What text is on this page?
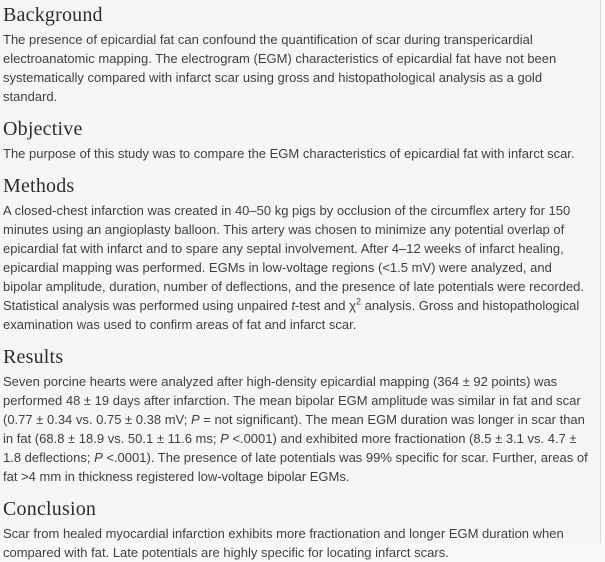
Background

The presence of epicardial fat can confound the quantification of scar during transpericardial electroanatomic mapping. The electrogram (EGM) characteristics of epicardial fat have not been systematically compared with infarct scar using gross and histopathological analysis as a gold standard.

Objective

The purpose of this study was to compare the EGM characteristics of epicardial fat with infarct scar.

Methods

A closed-chest infarction was created in 40–50 kg pigs by occlusion of the circumflex artery for 150 minutes using an angioplasty balloon. This artery was chosen to minimize any potential overlap of epicardial fat with infarct and to spare any septal involvement. After 4–12 weeks of infarct healing, epicardial mapping was performed. EGMs in low-voltage regions (<1.5 mV) were analyzed, and bipolar amplitude, duration, number of deflections, and the presence of late potentials were recorded. Statistical analysis was performed using unpaired t-test and $\chi^2$ analysis. Gross and histopathological examination was used to confirm areas of fat and infarct scar.

Results

Seven porcine hearts were analyzed after high-density epicardial mapping (364 ± 92 points) was performed 48 ± 19 days after infarction. The mean bipolar EGM amplitude was similar in fat and scar (0.77 ± 0.34 vs. 0.75 ± 0.38 mV; P = not significant). The mean EGM duration was longer in scar than in fat (68.8 ± 18.9 vs. 50.1 ± 11.6 ms; P <.0001) and exhibited more fractionation (8.5 ± 3.1 vs. 4.7 ± 1.8 deflections; P <.0001). The presence of late potentials was 99% specific for scar. Further, areas of fat >4 mm in thickness registered low-voltage bipolar EGMs.

Conclusion

Scar from healed myocardial infarction exhibits more fractionation and longer EGM duration when compared with fat. Late potentials are highly specific for locating infarct scars.
